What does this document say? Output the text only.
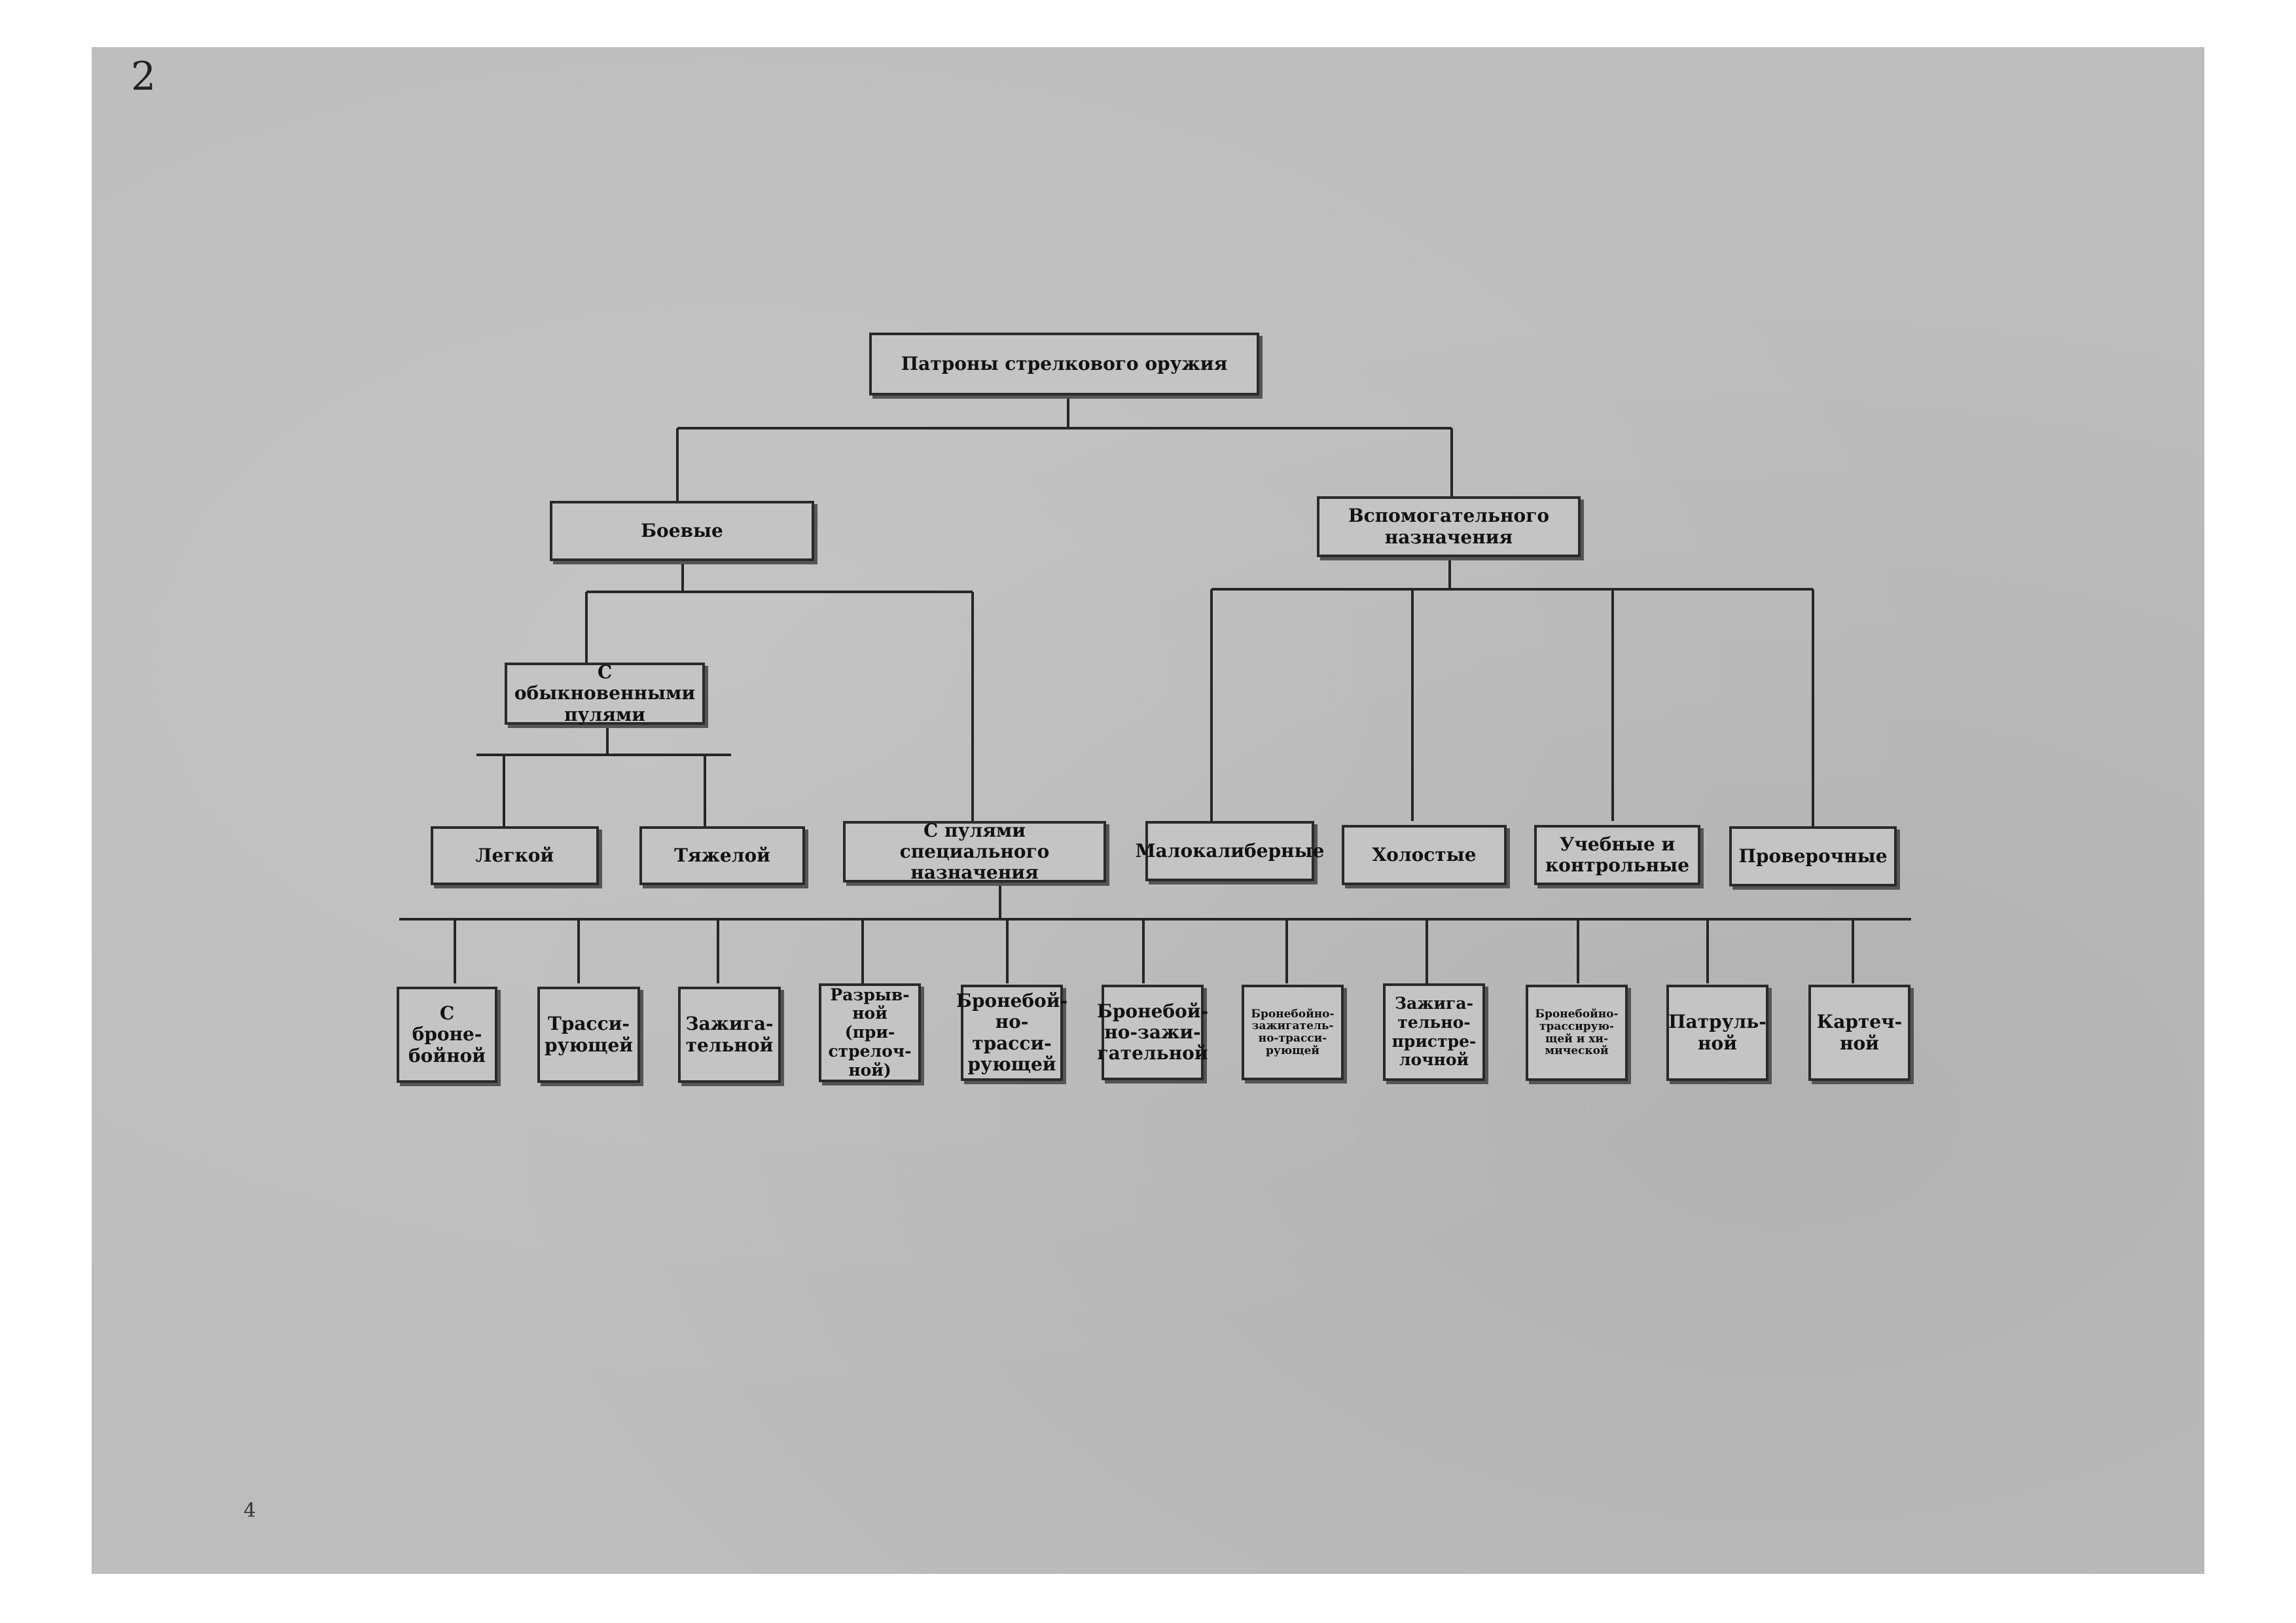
2
4
Патроны стрелкового оружия
Боевые
Вспомогательного
назначения
С обыкновенными
пулями
С пулями специального
назначения
Легкой	Тяжелой	Малокалиберные	Холостые	Учебные и
контрольные	Проверочные
С броне-
бойной
Трасси-
рующей
Зажига-
тельной
Разрыв-
ной (при-
стрелоч-
ной)
Бронебой-
но-трасси-
рующей
Бронебой-
но-зажи-
гательной
Бронебойно-
зажигатель-
но-трасси-
рующей
Зажига-
тельно-
пристре-
лочной
Бронебойно-
трассирую-
щей и хи-
мической
Патруль-
ной
Картеч-
ной
